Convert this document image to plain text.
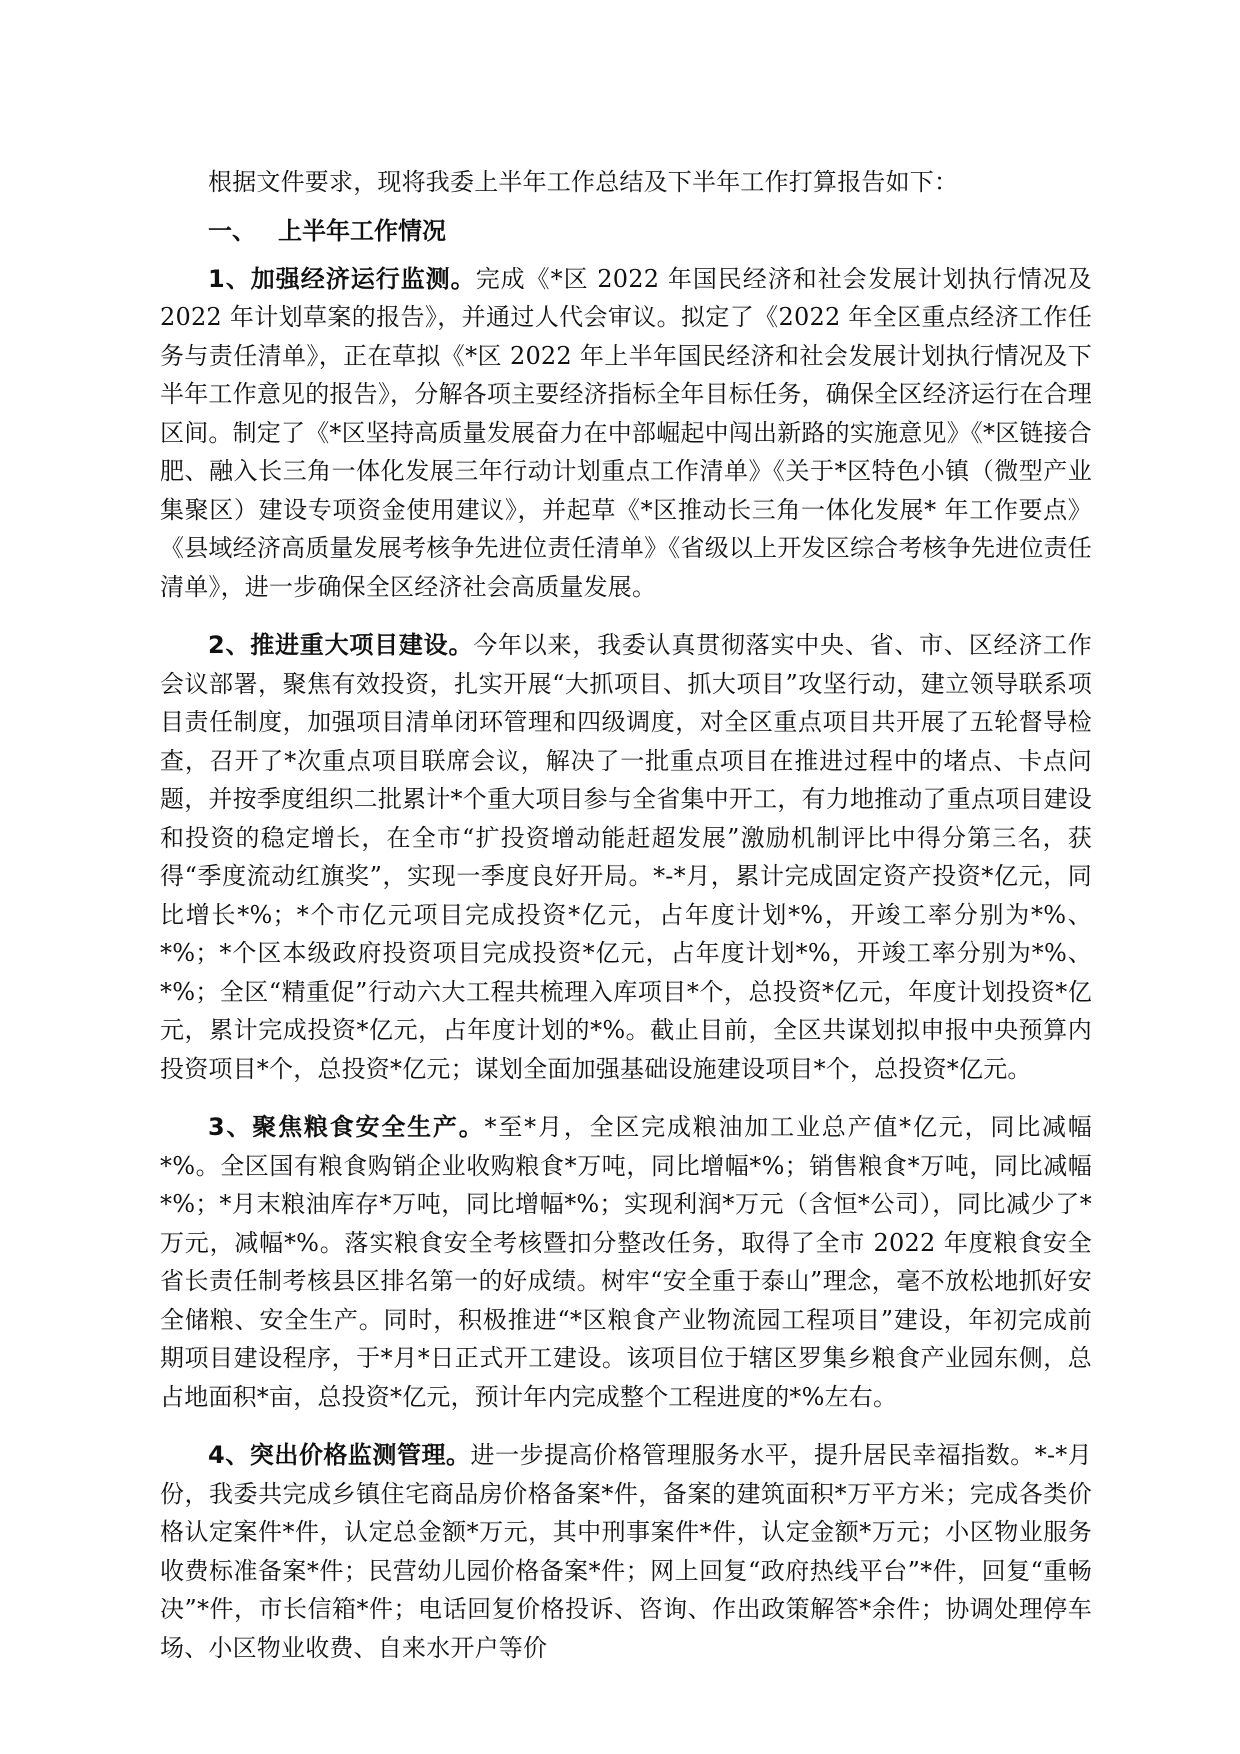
根据文件要求，现将我委上半年工作总结及下半年工作打算报告如下：

一、 上半年工作情况

1、加强经济运行监测。完成《*区 2022 年国民经济和社会发展计划执行情况及 2022 年计划草案的报告》，并通过人代会审议。拟定了《2022 年全区重点经济工作任务与责任清单》，正在草拟《*区 2022 年上半年国民经济和社会发展计划执行情况及下半年工作意见的报告》，分解各项主要经济指标全年目标任务，确保全区经济运行在合理区间。制定了《*区坚持高质量发展奋力在中部崛起中闯出新路的实施意见》《*区链接合肥、融入长三角一体化发展三年行动计划重点工作清单》《关于*区特色小镇（微型产业集聚区）建设专项资金使用建议》，并起草《*区推动长三角一体化发展* 年工作要点》《县域经济高质量发展考核争先进位责任清单》《省级以上开发区综合考核争先进位责任清单》，进一步确保全区经济社会高质量发展。

2、推进重大项目建设。今年以来，我委认真贯彻落实中央、省、市、区经济工作会议部署，聚焦有效投资，扎实开展“大抓项目、抓大项目”攻坚行动，建立领导联系项目责任制度，加强项目清单闭环管理和四级调度，对全区重点项目共开展了五轮督导检查，召开了*次重点项目联席会议，解决了一批重点项目在推进过程中的堵点、卡点问题，并按季度组织二批累计*个重大项目参与全省集中开工，有力地推动了重点项目建设和投资的稳定增长，在全市“扩投资增动能赶超发展”激励机制评比中得分第三名，获得“季度流动红旗奖”，实现一季度良好开局。*-*月，累计完成固定资产投资*亿元，同比增长*%；*个市亿元项目完成投资*亿元，占年度计划*%，开竣工率分别为*%、*%；*个区本级政府投资项目完成投资*亿元，占年度计划*%，开竣工率分别为*%、*%；全区“精重促”行动六大工程共梳理入库项目*个，总投资*亿元，年度计划投资*亿元，累计完成投资*亿元，占年度计划的*%。截止目前，全区共谋划拟申报中央预算内投资项目*个，总投资*亿元；谋划全面加强基础设施建设项目*个，总投资*亿元。

3、聚焦粮食安全生产。*至*月，全区完成粮油加工业总产值*亿元，同比减幅*%。全区国有粮食购销企业收购粮食*万吨，同比增幅*%；销售粮食*万吨，同比减幅*%；*月末粮油库存*万吨，同比增幅*%；实现利润*万元（含恒*公司），同比减少了*万元，减幅*%。落实粮食安全考核暨扣分整改任务，取得了全市 2022 年度粮食安全省长责任制考核县区排名第一的好成绩。树牢“安全重于泰山”理念，毫不放松地抓好安全储粮、安全生产。同时，积极推进“*区粮食产业物流园工程项目”建设，年初完成前期项目建设程序，于*月*日正式开工建设。该项目位于辖区罗集乡粮食产业园东侧，总占地面积*亩，总投资*亿元，预计年内完成整个工程进度的*%左右。

4、突出价格监测管理。进一步提高价格管理服务水平，提升居民幸福指数。*-*月份，我委共完成乡镇住宅商品房价格备案*件，备案的建筑面积*万平方米；完成各类价格认定案件*件，认定总金额*万元，其中刑事案件*件，认定金额*万元；小区物业服务收费标准备案*件；民营幼儿园价格备案*件；网上回复“政府热线平台”*件，回复“重畅决”*件，市长信箱*件；电话回复价格投诉、咨询、作出政策解答*余件；协调处理停车场、小区物业收费、自来水开户等价
